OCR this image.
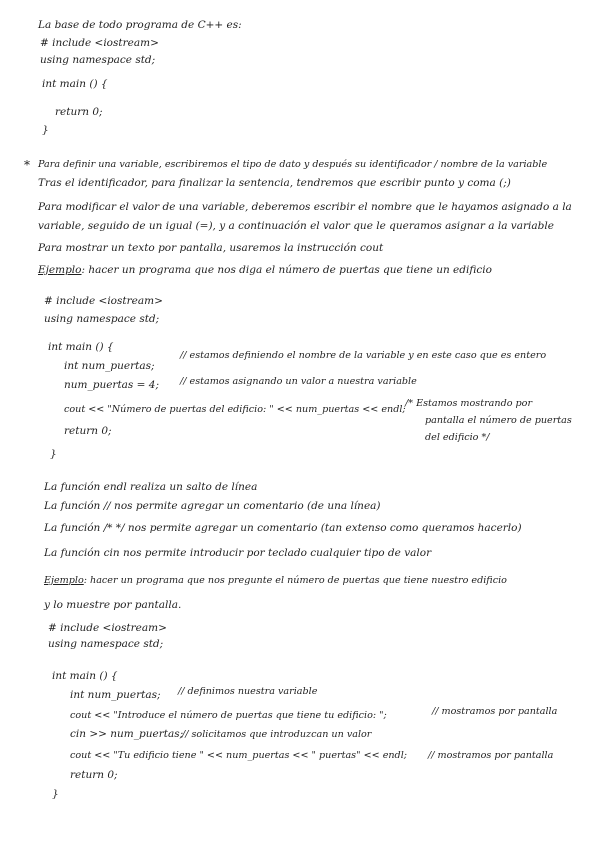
La base de todo programa de C++ es:
# include <iostream>
using namespace std;
int main () {
return 0;
}
* Para definir una variable, escribiremos el tipo de dato y después su identificador / nombre de la variable
Tras el identificador, para finalizar la sentencia, tendremos que escribir punto y coma (;)
Para modificar el valor de una variable, deberemos escribir el nombre que le hayamos asignado a la
variable, seguido de un igual (=), y a continuación el valor que le queramos asignar a la variable
Para mostrar un texto por pantalla, usaremos la instrucción cout
Ejemplo: hacer un programa que nos diga el número de puertas que tiene un edificio
# include <iostream>
using namespace std;
int main () {
int num_puertas;
// estamos definiendo el nombre de la variable y en este caso que es entero
num_puertas = 4; // estamos asignando un valor a nuestra variable
cout << "Número de puertas del edificio: " << num_puertas << endl;
/* Estamos mostrando por
pantalla el número de puertas
del edificio */
return 0;
}
La función endl realiza un salto de línea
La función // nos permite agregar un comentario (de una línea)
La función /* */ nos permite agregar un comentario (tan extenso como queramos hacerlo)
La función cin nos permite introducir por teclado cualquier tipo de valor
Ejemplo: hacer un programa que nos pregunte el número de puertas que tiene nuestro edificio
y lo muestre por pantalla.
# include <iostream>
using namespace std;
int main () {
int num_puertas; // definimos nuestra variable
cout << "Introduce el número de puertas que tiene tu edificio: ";	// mostramos por pantalla
cin >> num_puertas;
// solicitamos que introduzcan un valor
cout << "Tu edificio tiene " << num_puertas << " puertas" << endl; // mostramos por pantalla
return 0;
}
